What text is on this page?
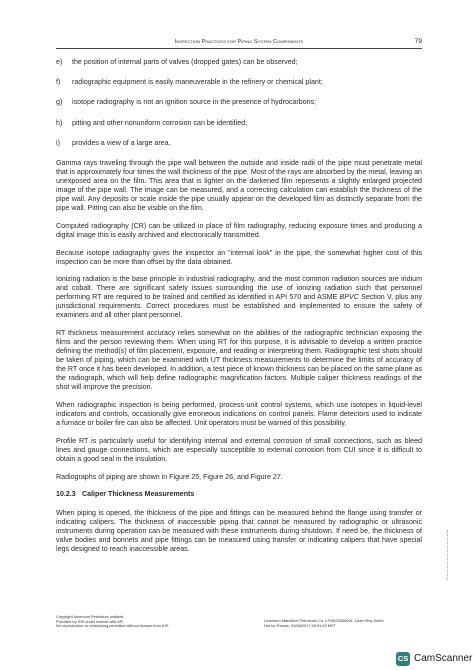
Inspection Practices for Piping System Components	79
e) the position of internal parts of valves (dropped gates) can be observed;
f) radiographic equipment is easily maneuverable in the refinery or chemical plant;
g) isotope radiography is not an ignition source in the presence of hydrocarbons;
h) pitting and other nonuniform corrosion can be identified;
i) provides a view of a large area.

Gamma rays traveling through the pipe wall between the outside and inside radii of the pipe must penetrate metal that is approximately four times the wall thickness of the pipe. Most of the rays are absorbed by the metal, leaving an unexposed area on the film. This area that is lighter on the darkened film represents a slightly enlarged projected image of the pipe wall. The image can be measured, and a correcting calculation can establish the thickness of the pipe wall. Any deposits or scale inside the pipe usually appear on the developed film as distinctly separate from the pipe wall. Pitting can also be visible on the film.

Computed radiography (CR) can be utilized in place of film radiography, reducing exposure times and producing a digital image this is easily archived and electronically transmitted.

Because isotope radiography gives the inspector an “internal look” in the pipe, the somewhat higher cost of this inspection can be more than offset by the data obtained.

Ionizing radiation is the base principle in industrial radiography, and the most common radiation sources are iridium and cobalt. There are significant safety issues surrounding the use of ionizing radiation such that personnel performing RT are required to be trained and certified as identified in API 570 and ASME BPVC Section V, plus any jurisdictional requirements. Correct procedures must be established and implemented to ensure the safety of examiners and all other plant personnel.

RT thickness measurement accuracy relies somewhat on the abilities of the radiographic technician exposing the films and the person reviewing them. When using RT for this purpose, it is advisable to develop a written practice defining the method(s) of film placement, exposure, and reading or interpreting them. Radiographic test shots should be taken of piping, which can be examined with UT thickness measurements to determine the limits of accuracy of the RT once it has been developed. In addition, a test piece of known thickness can be placed on the same plane as the radiograph, which will help define radiographic magnification factors. Multiple caliper thickness readings of the shot will improve the precision.

When radiographic inspection is being performed, process-unit control systems, which use isotopes in liquid-level indicators and controls, occasionally give erroneous indications on control panels. Flame detectors used to indicate a furnace or boiler fire can also be affected. Unit operators must be warned of this possibility.

Profile RT is particularly useful for identifying internal and external corrosion of small connections, such as bleed lines and gauge connections, which are especially susceptible to external corrosion from CUI since it is difficult to obtain a good seal in the insulation.

Radiographs of piping are shown in Figure 25, Figure 26, and Figure 27.

10.2.3 Caliper Thickness Measurements

When piping is opened, the thickness of the pipe and fittings can be measured behind the flange using transfer or indicating calipers. The thickness of inaccessible piping that cannot be measured by radiographic or ultrasonic instruments during operation can be measured with these instruments during shutdown. If need be, the thickness of valve bodies and bonnets and pipe fittings can be measured using transfer or indicating calipers that have special legs designed to reach inaccessible areas.

Copyright American Petroleum Institute
Provided by IHS under license with API
No reproduction or networking permitted without license from IHS
Licensee=Marathon Petroleum Co. LP/5620056001, User=Roy, Brent
Not for Resale, 03/06/2017 09:31:20 MST
CS CamScanner
